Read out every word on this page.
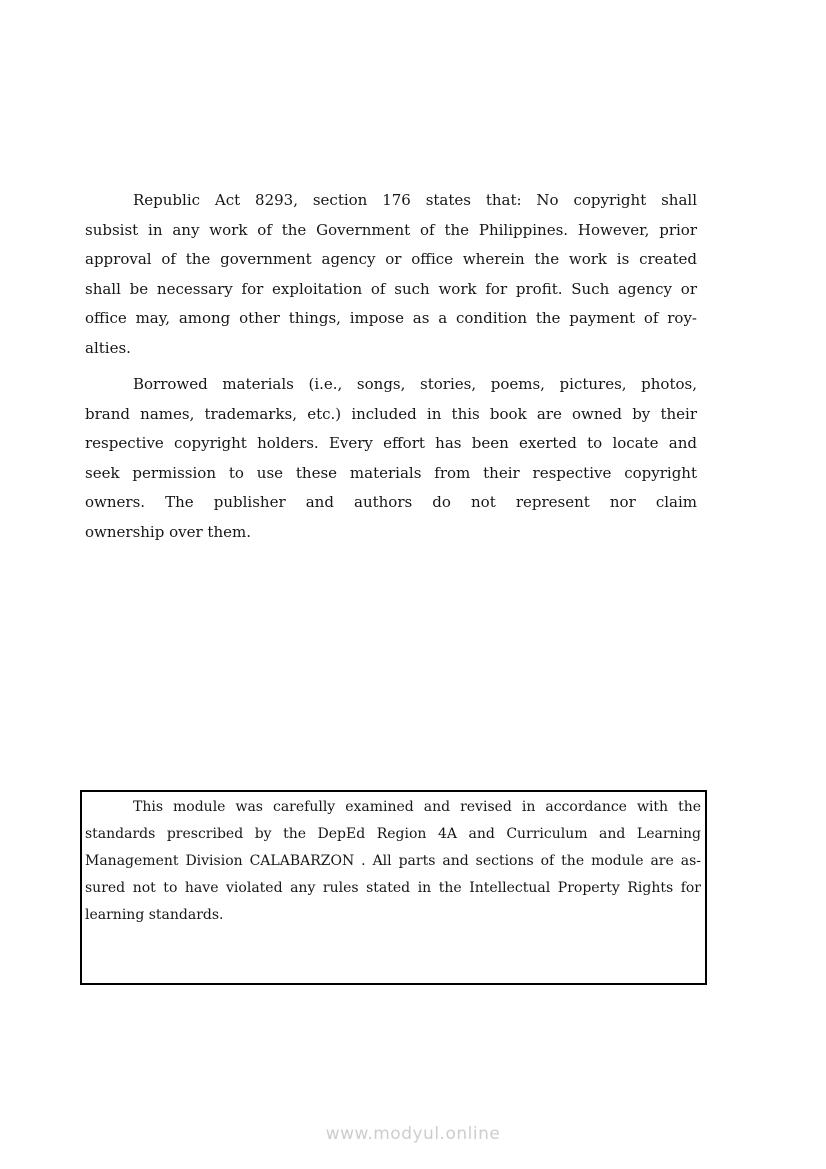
Republic Act 8293, section 176 states that: No copyright shall
subsist in any work of the Government of the Philippines. However, prior
approval of the government agency or office wherein the work is created
shall be necessary for exploitation of such work for profit. Such agency or
office may, among other things, impose as a condition the payment of roy-
alties.
Borrowed materials (i.e., songs, stories, poems, pictures, photos,
brand names, trademarks, etc.) included in this book are owned by their
respective copyright holders. Every effort has been exerted to locate and
seek permission to use these materials from their respective copyright
owners. The publisher and authors do not represent nor claim
ownership over them.
This module was carefully examined and revised in accordance with the
standards prescribed by the DepEd Region 4A and Curriculum and Learning
Management Division CALABARZON . All parts and sections of the module are as-
sured not to have violated any rules stated in the Intellectual Property Rights for
learning standards.
www.modyul.online
